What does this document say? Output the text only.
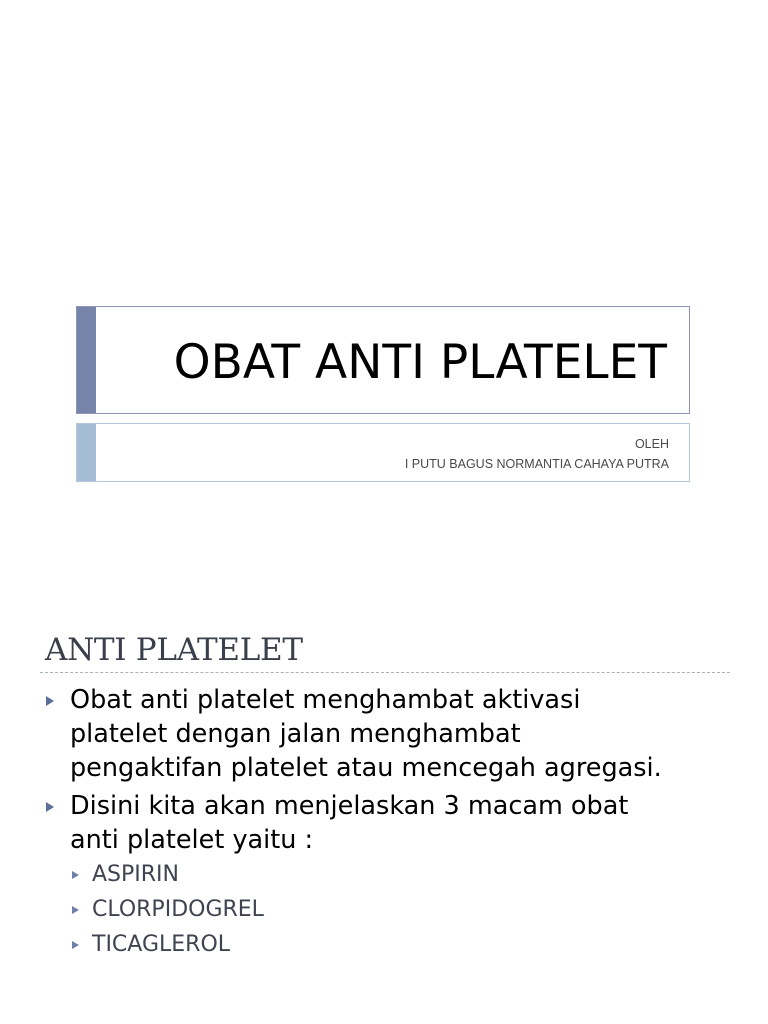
OBAT ANTI PLATELET
OLEH
I PUTU BAGUS NORMANTIA CAHAYA PUTRA
ANTI PLATELET
Obat anti platelet menghambat aktivasi
platelet dengan jalan menghambat
pengaktifan platelet atau mencegah agregasi.
Disini kita akan menjelaskan 3 macam obat
anti platelet yaitu :
ASPIRIN
CLORPIDOGREL
TICAGLEROL
